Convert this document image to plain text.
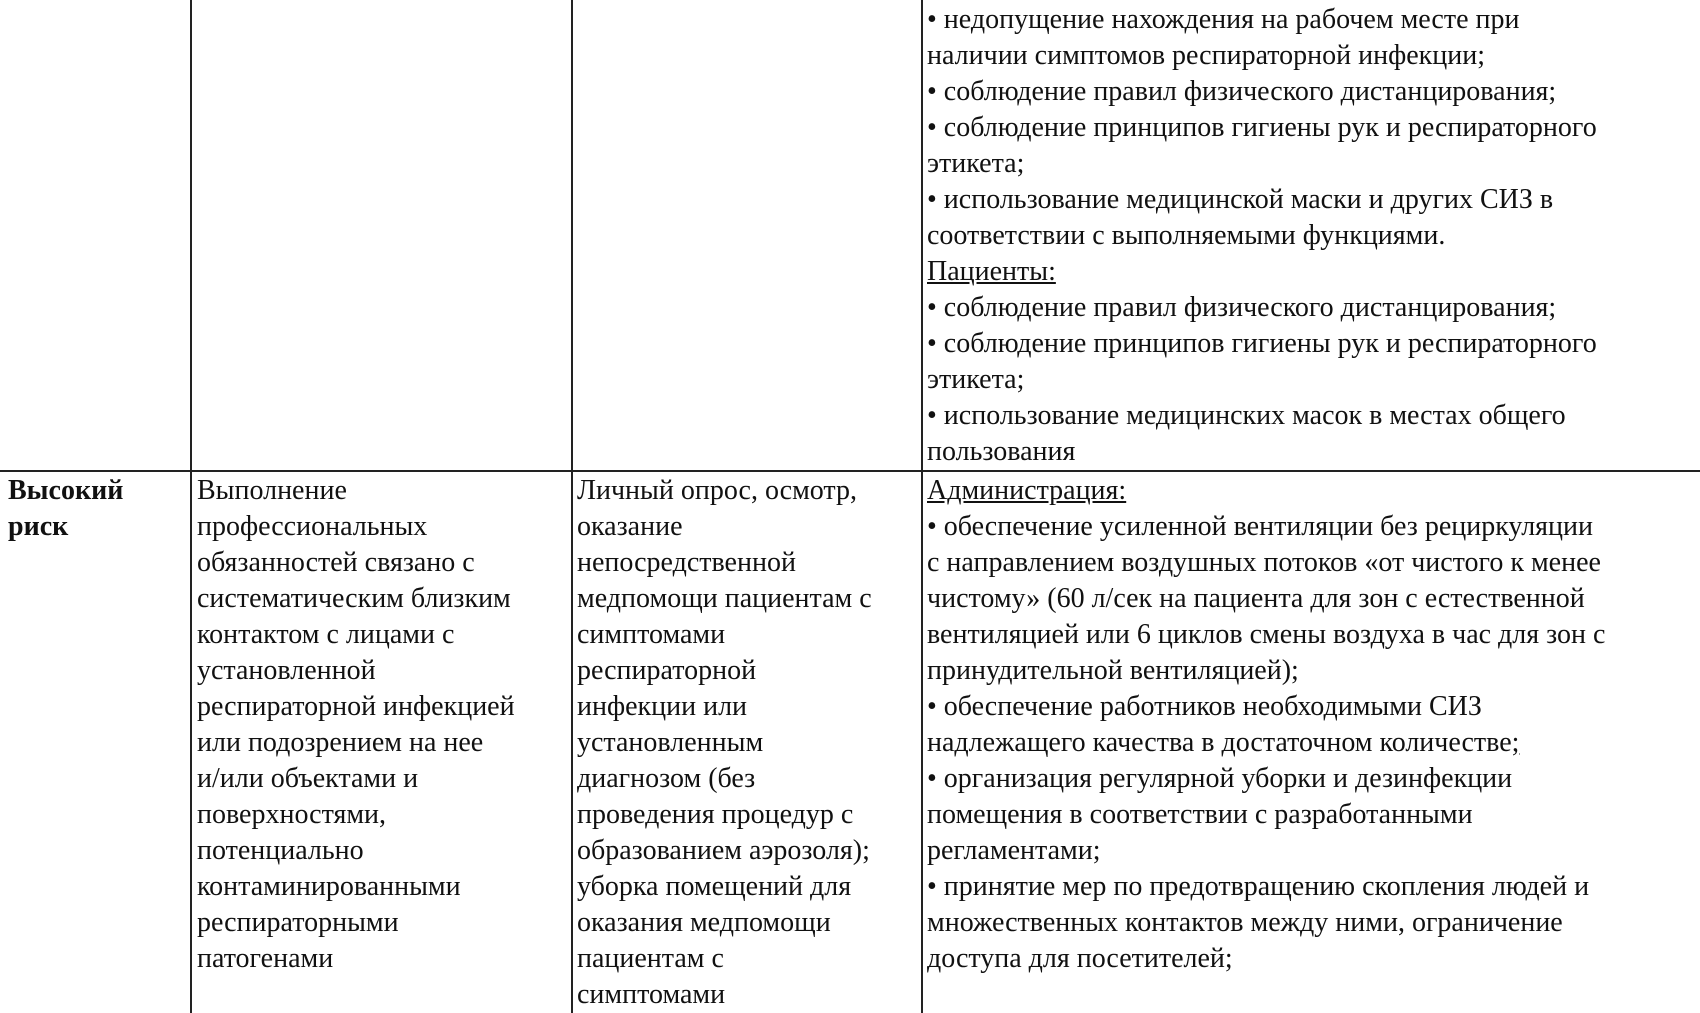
• недопущение нахождения на рабочем месте при
наличии симптомов респираторной инфекции;
• соблюдение правил физического дистанцирования;
• соблюдение принципов гигиены рук и респираторного
этикета;
• использование медицинской маски и других СИЗ в
соответствии с выполняемыми функциями.
Пациенты:
• соблюдение правил физического дистанцирования;
• соблюдение принципов гигиены рук и респираторного
этикета;
• использование медицинских масок в местах общего
пользования
Высокий
риск
Выполнение
профессиональных
обязанностей связано с
систематическим близким
контактом с лицами с
установленной
респираторной инфекцией
или подозрением на нее
и/или объектами и
поверхностями,
потенциально
контаминированными
респираторными
патогенами
Личный опрос, осмотр,
оказание
непосредственной
медпомощи пациентам с
симптомами
респираторной
инфекции или
установленным
диагнозом (без
проведения процедур с
образованием аэрозоля);
уборка помещений для
оказания медпомощи
пациентам с
симптомами
Администрация:
• обеспечение усиленной вентиляции без рециркуляции
с направлением воздушных потоков «от чистого к менее
чистому» (60 л/сек на пациента для зон с естественной
вентиляцией или 6 циклов смены воздуха в час для зон с
принудительной вентиляцией);
• обеспечение работников необходимыми СИЗ
надлежащего качества в достаточном количестве;
• организация регулярной уборки и дезинфекции
помещения в соответствии с разработанными
регламентами;
• принятие мер по предотвращению скопления людей и
множественных контактов между ними, ограничение
доступа для посетителей;
